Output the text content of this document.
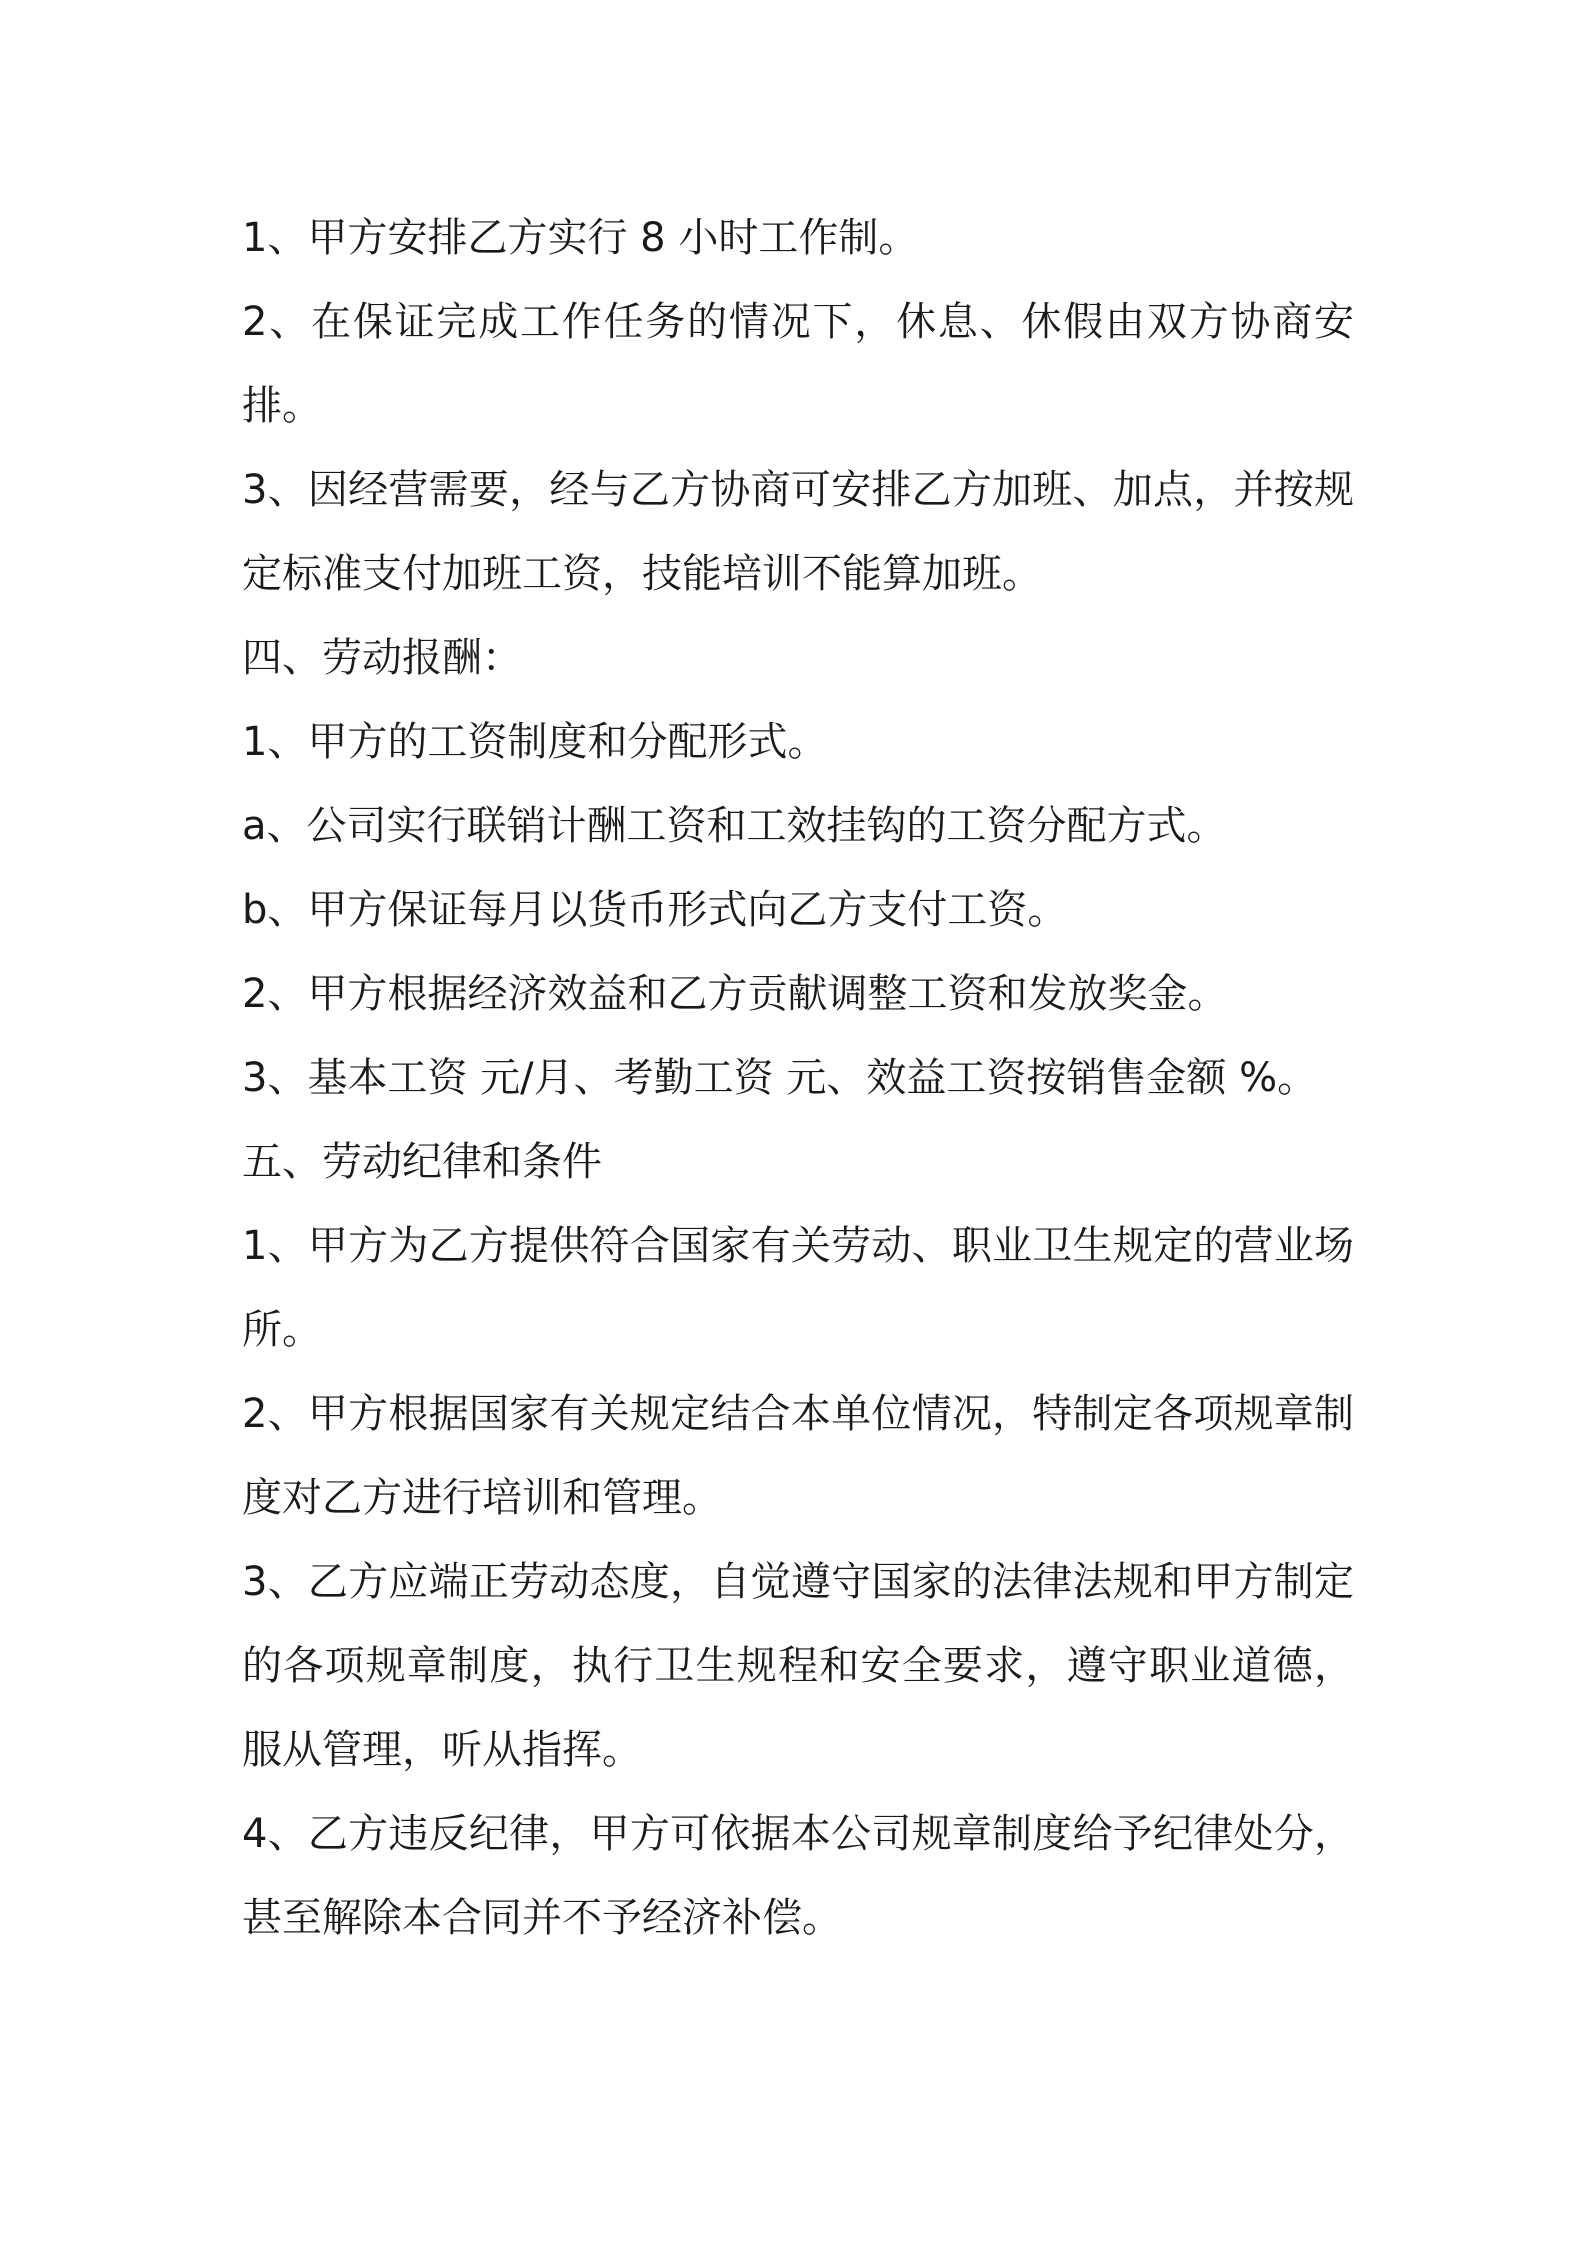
1、甲方安排乙方实行 8 小时工作制。

2、在保证完成工作任务的情况下，休息、休假由双方协商安排。

3、因经营需要，经与乙方协商可安排乙方加班、加点，并按规定标准支付加班工资，技能培训不能算加班。

四、劳动报酬：

1、甲方的工资制度和分配形式。

a、公司实行联销计酬工资和工效挂钩的工资分配方式。

b、甲方保证每月以货币形式向乙方支付工资。

2、甲方根据经济效益和乙方贡献调整工资和发放奖金。

3、基本工资 元/月、考勤工资 元、效益工资按销售金额 %。

五、劳动纪律和条件

1、甲方为乙方提供符合国家有关劳动、职业卫生规定的营业场所。

2、甲方根据国家有关规定结合本单位情况，特制定各项规章制度对乙方进行培训和管理。

3、乙方应端正劳动态度，自觉遵守国家的法律法规和甲方制定的各项规章制度，执行卫生规程和安全要求，遵守职业道德，服从管理，听从指挥。

4、乙方违反纪律，甲方可依据本公司规章制度给予纪律处分，甚至解除本合同并不予经济补偿。
